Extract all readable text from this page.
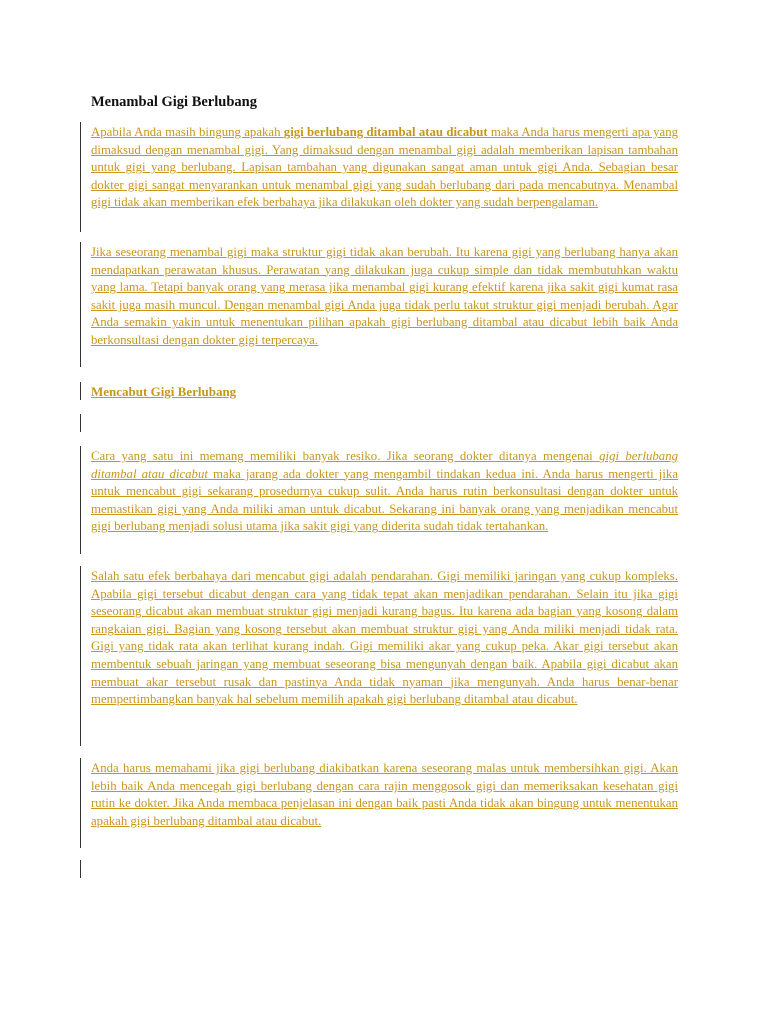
Menambal Gigi Berlubang

Apabila Anda masih bingung apakah gigi berlubang ditambal atau dicabut maka Anda harus mengerti apa yang dimaksud dengan menambal gigi. Yang dimaksud dengan menambal gigi adalah memberikan lapisan tambahan untuk gigi yang berlubang. Lapisan tambahan yang digunakan sangat aman untuk gigi Anda. Sebagian besar dokter gigi sangat menyarankan untuk menambal gigi yang sudah berlubang dari pada mencabutnya. Menambal gigi tidak akan memberikan efek berbahaya jika dilakukan oleh dokter yang sudah berpengalaman.

Jika seseorang menambal gigi maka struktur gigi tidak akan berubah. Itu karena gigi yang berlubang hanya akan mendapatkan perawatan khusus. Perawatan yang dilakukan juga cukup simple dan tidak membutuhkan waktu yang lama. Tetapi banyak orang yang merasa jika menambal gigi kurang efektif karena jika sakit gigi kumat rasa sakit juga masih muncul. Dengan menambal gigi Anda juga tidak perlu takut struktur gigi menjadi berubah. Agar Anda semakin yakin untuk menentukan pilihan apakah gigi berlubang ditambal atau dicabut lebih baik Anda berkonsultasi dengan dokter gigi terpercaya.

Mencabut Gigi Berlubang

Cara yang satu ini memang memiliki banyak resiko. Jika seorang dokter ditanya mengenai gigi berlubang ditambal atau dicabut maka jarang ada dokter yang mengambil tindakan kedua ini. Anda harus mengerti jika untuk mencabut gigi sekarang prosedurnya cukup sulit. Anda harus rutin berkonsultasi dengan dokter untuk memastikan gigi yang Anda miliki aman untuk dicabut. Sekarang ini banyak orang yang menjadikan mencabut gigi berlubang menjadi solusi utama jika sakit gigi yang diderita sudah tidak tertahankan.

Salah satu efek berbahaya dari mencabut gigi adalah pendarahan. Gigi memiliki jaringan yang cukup kompleks. Apabila gigi tersebut dicabut dengan cara yang tidak tepat akan menjadikan pendarahan. Selain itu jika gigi seseorang dicabut akan membuat struktur gigi menjadi kurang bagus. Itu karena ada bagian yang kosong dalam rangkaian gigi. Bagian yang kosong tersebut akan membuat struktur gigi yang Anda miliki menjadi tidak rata. Gigi yang tidak rata akan terlihat kurang indah. Gigi memiliki akar yang cukup peka. Akar gigi tersebut akan membentuk sebuah jaringan yang membuat seseorang bisa mengunyah dengan baik. Apabila gigi dicabut akan membuat akar tersebut rusak dan pastinya Anda tidak nyaman jika mengunyah. Anda harus benar-benar mempertimbangkan banyak hal sebelum memilih apakah gigi berlubang ditambal atau dicabut.

Anda harus memahami jika gigi berlubang diakibatkan karena seseorang malas untuk membersihkan gigi. Akan lebih baik Anda mencegah gigi berlubang dengan cara rajin menggosok gigi dan memeriksakan kesehatan gigi rutin ke dokter. Jika Anda membaca penjelasan ini dengan baik pasti Anda tidak akan bingung untuk menentukan apakah gigi berlubang ditambal atau dicabut.
